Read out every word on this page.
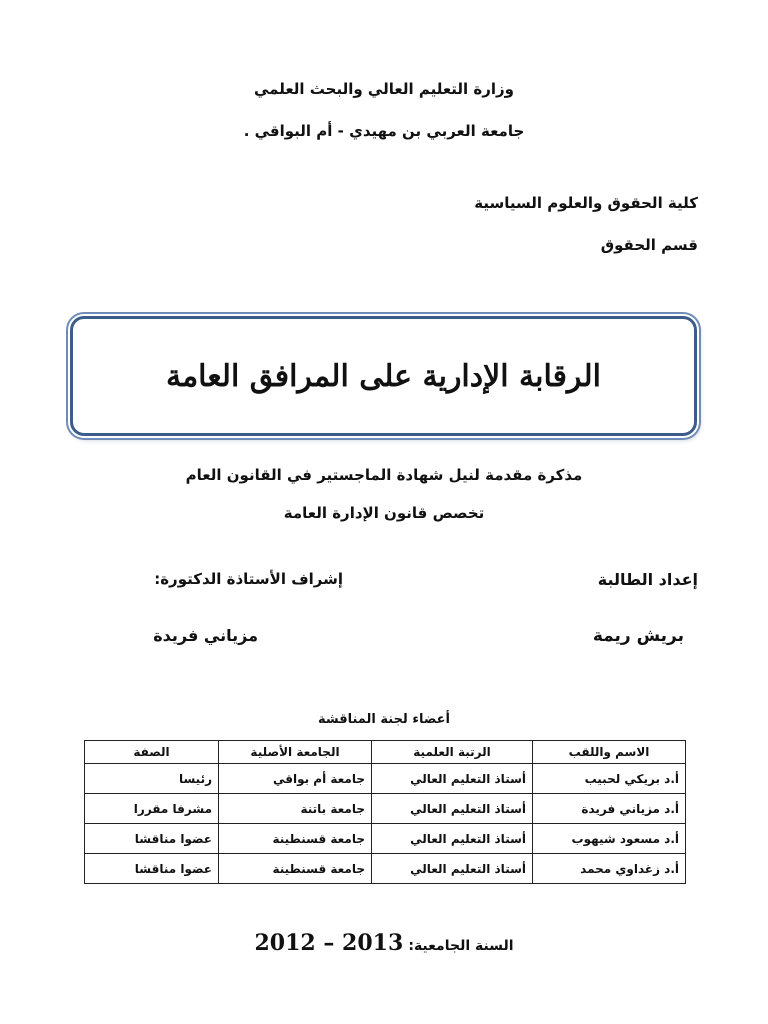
وزارة التعليم العالي والبحث العلمي
جامعة العربي بن مهيدي - أم البواقي .
كلية الحقوق والعلوم السياسية
قسم الحقوق
الرقابة الإدارية على المرافق العامة
مذكرة مقدمة لنيل شهادة الماجستير في القانون العام
تخصص قانون الإدارة العامة
إعداد الطالبة
إشراف الأستاذة الدكتورة:
بريش ريمة
مزياني فريدة
أعضاء لجنة المناقشة
الاسم واللقب	الرتبة العلمية	الجامعة الأصلية	الصفة
أ.د بريكي لحبيب	أستاذ التعليم العالي	جامعة أم بواقي	رئيسا
أ.د مزياني فريدة	أستاذ التعليم العالي	جامعة باتنة	مشرفا مقررا
أ.د مسعود شيهوب	أستاذ التعليم العالي	جامعة قسنطينة	عضوا مناقشا
أ.د زغداوي محمد	أستاذ التعليم العالي	جامعة قسنطينة	عضوا مناقشا
السنة الجامعية: 2012 – 2013
